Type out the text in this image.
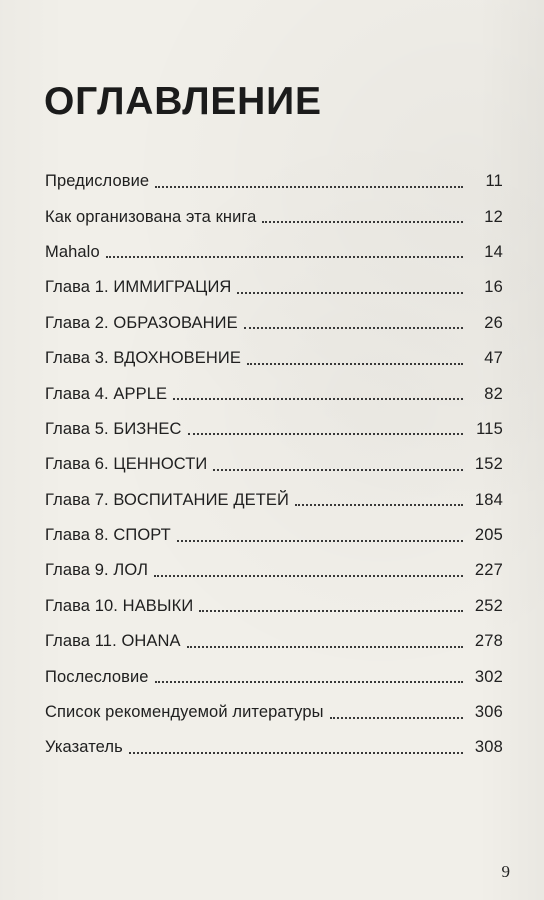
ОГЛАВЛЕНИЕ
Предисловие	11
Как организована эта книга	12
Mahalo	14
Глава 1. ИММИГРАЦИЯ	16
Глава 2. ОБРАЗОВАНИЕ	26
Глава 3. ВДОХНОВЕНИЕ	47
Глава 4. APPLE	82
Глава 5. БИЗНЕС	115
Глава 6. ЦЕННОСТИ	152
Глава 7. ВОСПИТАНИЕ ДЕТЕЙ	184
Глава 8. СПОРТ	205
Глава 9. ЛОЛ	227
Глава 10. НАВЫКИ	252
Глава 11. OHANA	278
Послесловие	302
Список рекомендуемой литературы	306
Указатель	308
9
